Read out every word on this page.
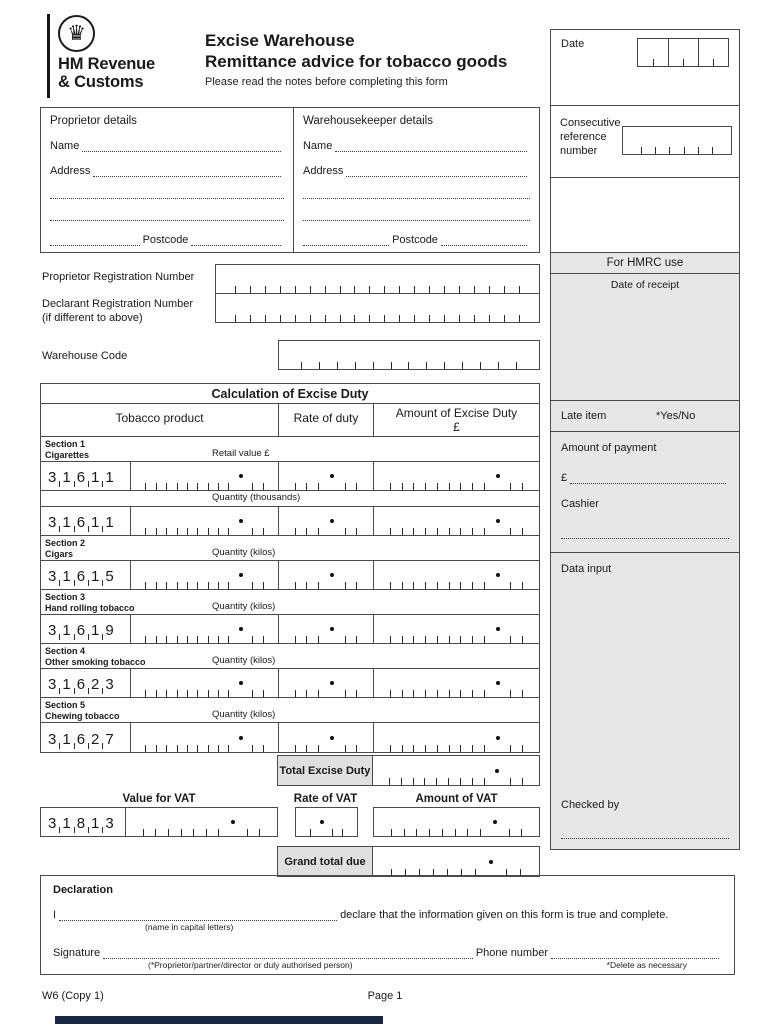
♛
HM Revenue
& Customs
Excise Warehouse
Remittance advice for tobacco goods
Please read the notes before completing this form
Date
Consecutive reference number
For HMRC use
Date of receipt
Late item	*Yes/No
Amount of payment
£
Cashier
Data input
Checked by
Proprietor details
Name
Address
Postcode
Warehousekeeper details
Name
Address
Postcode
Proprietor Registration Number
Declarant Registration Number
(if different to above)
Warehouse Code
Calculation of Excise Duty
Tobacco product	Rate of duty	Amount of Excise Duty
£
Section 1
Cigarettes	Retail value £
3 1 6 1 1
Quantity (thousands)
3 1 6 1 1
Section 2
Cigars	Quantity (kilos)
3 1 6 1 5
Section 3
Hand rolling tobacco	Quantity (kilos)
3 1 6 1 9
Section 4
Other smoking tobacco	Quantity (kilos)
3 1 6 2 3
Section 5
Chewing tobacco	Quantity (kilos)
3 1 6 2 7
Total Excise Duty
Value for VAT	Rate of VAT	Amount of VAT
3 1 8 1 3
Grand total due
Declaration
I	declare that the information given on this form is true and complete.
(name in capital letters)
Signature	Phone number
(*Proprietor/partner/director or duly authorised person)	*Delete as necessary
W6 (Copy 1)	Page 1
